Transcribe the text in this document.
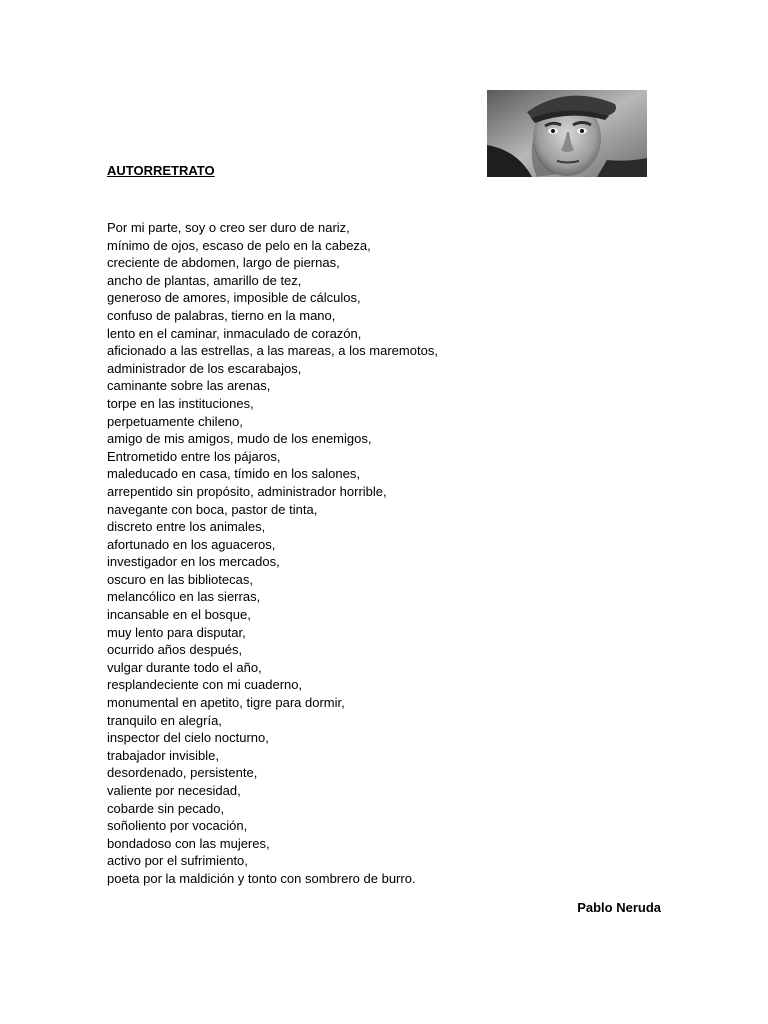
AUTORRETRATO
Por mi parte, soy o creo ser duro de nariz,
mínimo de ojos, escaso de pelo en la cabeza,
creciente de abdomen, largo de piernas,
ancho de plantas, amarillo de tez,
generoso de amores, imposible de cálculos,
confuso de palabras, tierno en la mano,
lento en el caminar, inmaculado de corazón,
aficionado a las estrellas, a las mareas, a los maremotos,
administrador de los escarabajos,
caminante sobre las arenas,
torpe en las instituciones,
perpetuamente chileno,
amigo de mis amigos, mudo de los enemigos,
Entrometido entre los pájaros,
maleducado en casa, tímido en los salones,
arrepentido sin propósito, administrador horrible,
navegante con boca, pastor de tinta,
discreto entre los animales,
afortunado en los aguaceros,
investigador en los mercados,
oscuro en las bibliotecas,
melancólico en las sierras,
incansable en el bosque,
muy lento para disputar,
ocurrido años después,
vulgar durante todo el año,
resplandeciente con mi cuaderno,
monumental en apetito, tigre para dormir,
tranquilo en alegría,
inspector del cielo nocturno,
trabajador invisible,
desordenado, persistente,
valiente por necesidad,
cobarde sin pecado,
soñoliento por vocación,
bondadoso con las mujeres,
activo por el sufrimiento,
poeta por la maldición y tonto con sombrero de burro.
Pablo Neruda
